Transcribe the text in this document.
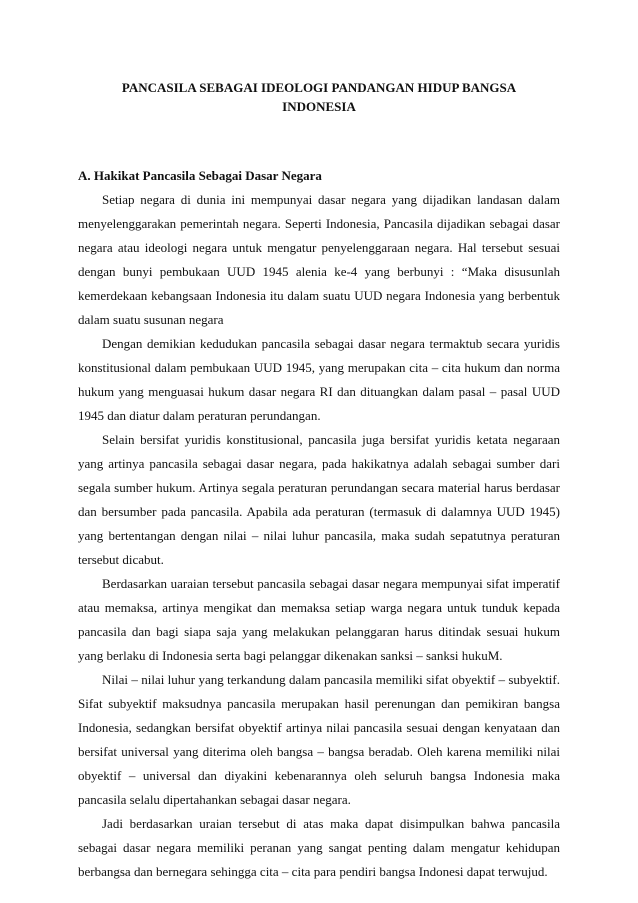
PANCASILA SEBAGAI IDEOLOGI PANDANGAN HIDUP BANGSA INDONESIA
A. Hakikat Pancasila Sebagai Dasar Negara

Setiap negara di dunia ini mempunyai dasar negara yang dijadikan landasan dalam menyelenggarakan pemerintah negara. Seperti Indonesia, Pancasila dijadikan sebagai dasar negara atau ideologi negara untuk mengatur penyelenggaraan negara. Hal tersebut sesuai dengan bunyi pembukaan UUD 1945 alenia ke-4 yang berbunyi : “Maka disusunlah kemerdekaan kebangsaan Indonesia itu dalam suatu UUD negara Indonesia yang berbentuk dalam suatu susunan negara

Dengan demikian kedudukan pancasila sebagai dasar negara termaktub secara yuridis konstitusional dalam pembukaan UUD 1945, yang merupakan cita – cita hukum dan norma hukum yang menguasai hukum dasar negara RI dan dituangkan dalam pasal – pasal UUD 1945 dan diatur dalam peraturan perundangan.

Selain bersifat yuridis konstitusional, pancasila juga bersifat yuridis ketata negaraan yang artinya pancasila sebagai dasar negara, pada hakikatnya adalah sebagai sumber dari segala sumber hukum. Artinya segala peraturan perundangan secara material harus berdasar dan bersumber pada pancasila. Apabila ada peraturan (termasuk di dalamnya UUD 1945) yang bertentangan dengan nilai – nilai luhur pancasila, maka sudah sepatutnya peraturan tersebut dicabut.

Berdasarkan uaraian tersebut pancasila sebagai dasar negara mempunyai sifat imperatif atau memaksa, artinya mengikat dan memaksa setiap warga negara untuk tunduk kepada pancasila dan bagi siapa saja yang melakukan pelanggaran harus ditindak sesuai hukum yang berlaku di Indonesia serta bagi pelanggar dikenakan sanksi – sanksi hukuM.

Nilai – nilai luhur yang terkandung dalam pancasila memiliki sifat obyektif – subyektif. Sifat subyektif maksudnya pancasila merupakan hasil perenungan dan pemikiran bangsa Indonesia, sedangkan bersifat obyektif artinya nilai pancasila sesuai dengan kenyataan dan bersifat universal yang diterima oleh bangsa – bangsa beradab. Oleh karena memiliki nilai obyektif – universal dan diyakini kebenarannya oleh seluruh bangsa Indonesia maka pancasila selalu dipertahankan sebagai dasar negara.

Jadi berdasarkan uraian tersebut di atas maka dapat disimpulkan bahwa pancasila sebagai dasar negara memiliki peranan yang sangat penting dalam mengatur kehidupan berbangsa dan bernegara sehingga cita – cita para pendiri bangsa Indonesi dapat terwujud.
